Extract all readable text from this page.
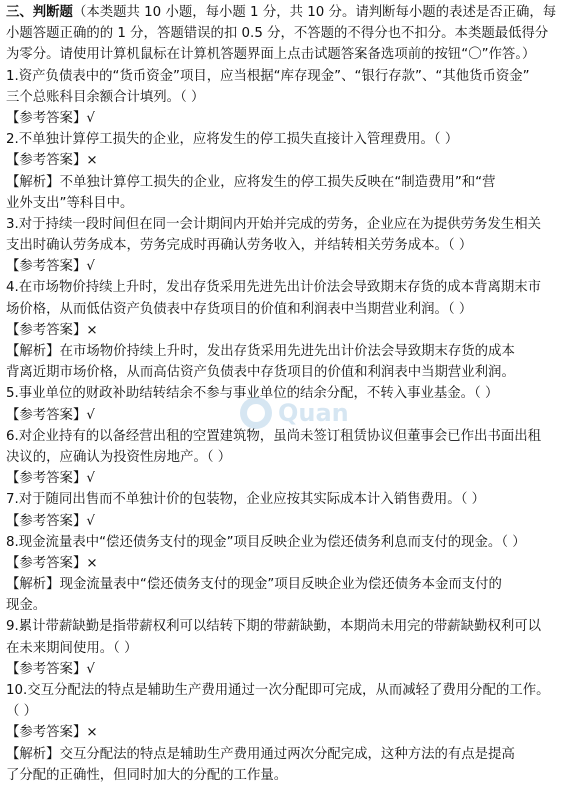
三、判断题（本类题共 10 小题，每小题 1 分，共 10 分。请判断每小题的表述是否正确，每
小题答题正确的的 1 分，答题错误的扣 0.5 分，不答题的不得分也不扣分。本类题最低得分
为零分。请使用计算机鼠标在计算机答题界面上点击试题答案备选项前的按钮“〇”作答。）
1.资产负债表中的“货币资金”项目，应当根据“库存现金”、“银行存款”、“其他货币资金”
三个总账科目余额合计填列。（ ）
【参考答案】√
2.不单独计算停工损失的企业，应将发生的停工损失直接计入管理费用。（ ）
【参考答案】×
【解析】不单独计算停工损失的企业，应将发生的停工损失反映在“制造费用”和“营
业外支出”等科目中。
3.对于持续一段时间但在同一会计期间内开始并完成的劳务，企业应在为提供劳务发生相关
支出时确认劳务成本，劳务完成时再确认劳务收入，并结转相关劳务成本。（ ）
【参考答案】√
4.在市场物价持续上升时，发出存货采用先进先出计价法会导致期末存货的成本背离期末市
场价格，从而低估资产负债表中存货项目的价值和利润表中当期营业利润。（ ）
【参考答案】×
【解析】在市场物价持续上升时，发出存货采用先进先出计价法会导致期末存货的成本
背离近期市场价格，从而高估资产负债表中存货项目的价值和利润表中当期营业利润。
5.事业单位的财政补助结转结余不参与事业单位的结余分配，不转入事业基金。（ ）
【参考答案】√
6.对企业持有的以备经营出租的空置建筑物，虽尚未签订租赁协议但董事会已作出书面出租
决议的，应确认为投资性房地产。（ ）
【参考答案】√
7.对于随同出售而不单独计价的包装物，企业应按其实际成本计入销售费用。（ ）
【参考答案】√
8.现金流量表中“偿还债务支付的现金”项目反映企业为偿还债务利息而支付的现金。（ ）
【参考答案】×
【解析】现金流量表中“偿还债务支付的现金”项目反映企业为偿还债务本金而支付的
现金。
9.累计带薪缺勤是指带薪权利可以结转下期的带薪缺勤，本期尚未用完的带薪缺勤权利可以
在未来期间使用。（ ）
【参考答案】√
10.交互分配法的特点是辅助生产费用通过一次分配即可完成，从而减轻了费用分配的工作。
（ ）
【参考答案】×
【解析】交互分配法的特点是辅助生产费用通过两次分配完成，这种方法的有点是提高
了分配的正确性，但同时加大的分配的工作量。
Quan
